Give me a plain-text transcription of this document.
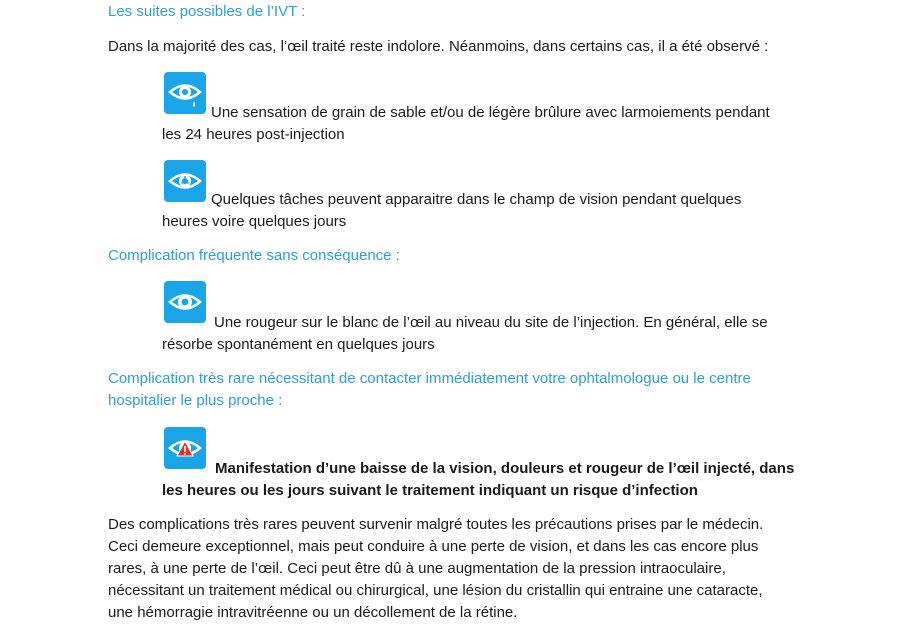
Les suites possibles de l’IVT :
Dans la majorité des cas, l’œil traité reste indolore. Néanmoins, dans certains cas, il a été observé :
Une sensation de grain de sable et/ou de légère brûlure avec larmoiements pendant
les 24 heures post-injection
Quelques tâches peuvent apparaitre dans le champ de vision pendant quelques
heures voire quelques jours
Complication fréquente sans conséquence :
Une rougeur sur le blanc de l’œil au niveau du site de l’injection. En général, elle se
résorbe spontanément en quelques jours
Complication très rare nécessitant de contacter immédiatement votre ophtalmologue ou le centre
hospitalier le plus proche :
Manifestation d’une baisse de la vision, douleurs et rougeur de l’œil injecté, dans
les heures ou les jours suivant le traitement indiquant un risque d’infection
Des complications très rares peuvent survenir malgré toutes les précautions prises par le médecin.
Ceci demeure exceptionnel, mais peut conduire à une perte de vision, et dans les cas encore plus
rares, à une perte de l’œil. Ceci peut être dû à une augmentation de la pression intraoculaire,
nécessitant un traitement médical ou chirurgical, une lésion du cristallin qui entraine une cataracte,
une hémorragie intravitréenne ou un décollement de la rétine.
